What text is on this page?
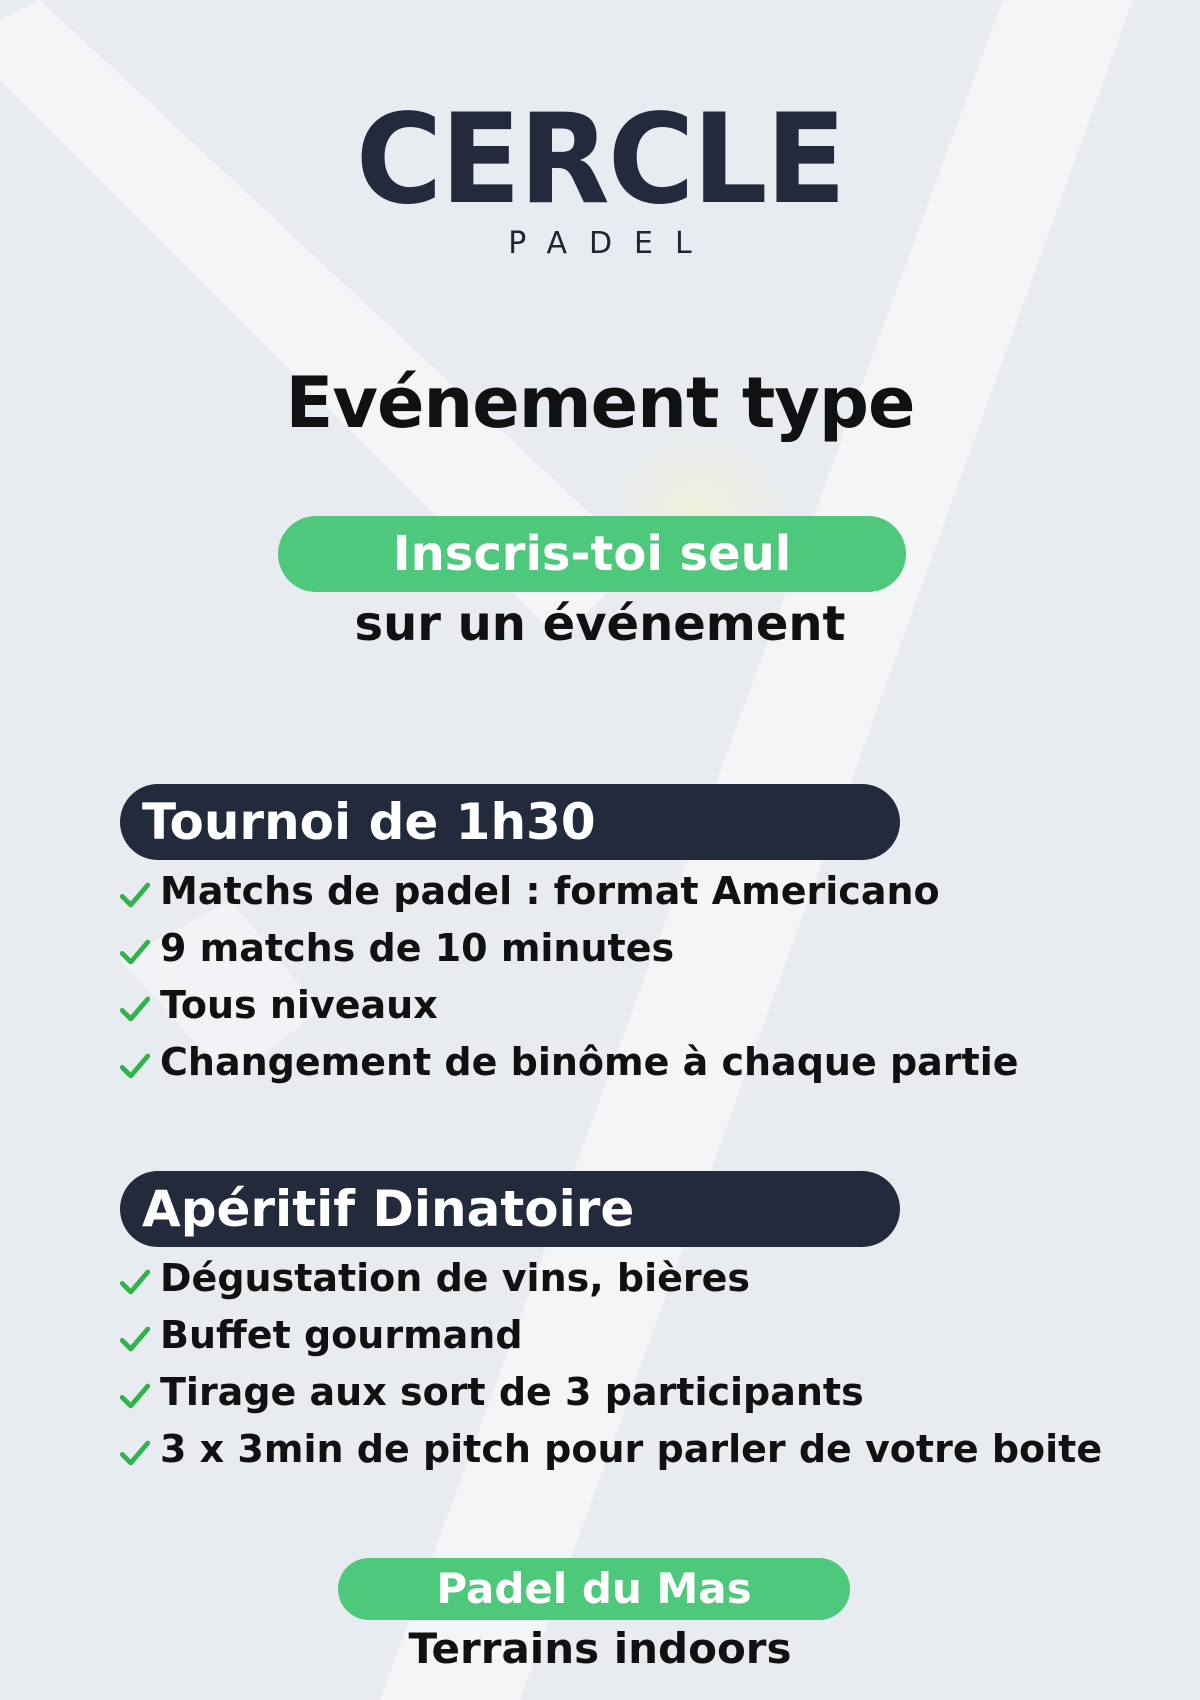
CERCLE
PADEL
Evénement type
Inscris-toi seul
sur un événement
Tournoi de 1h30
Matchs de padel : format Americano
9 matchs de 10 minutes
Tous niveaux
Changement de binôme à chaque partie
Apéritif Dinatoire
Dégustation de vins, bières
Buffet gourmand
Tirage aux sort de 3 participants
3 x 3min de pitch pour parler de votre boite
Padel du Mas
Terrains indoors
